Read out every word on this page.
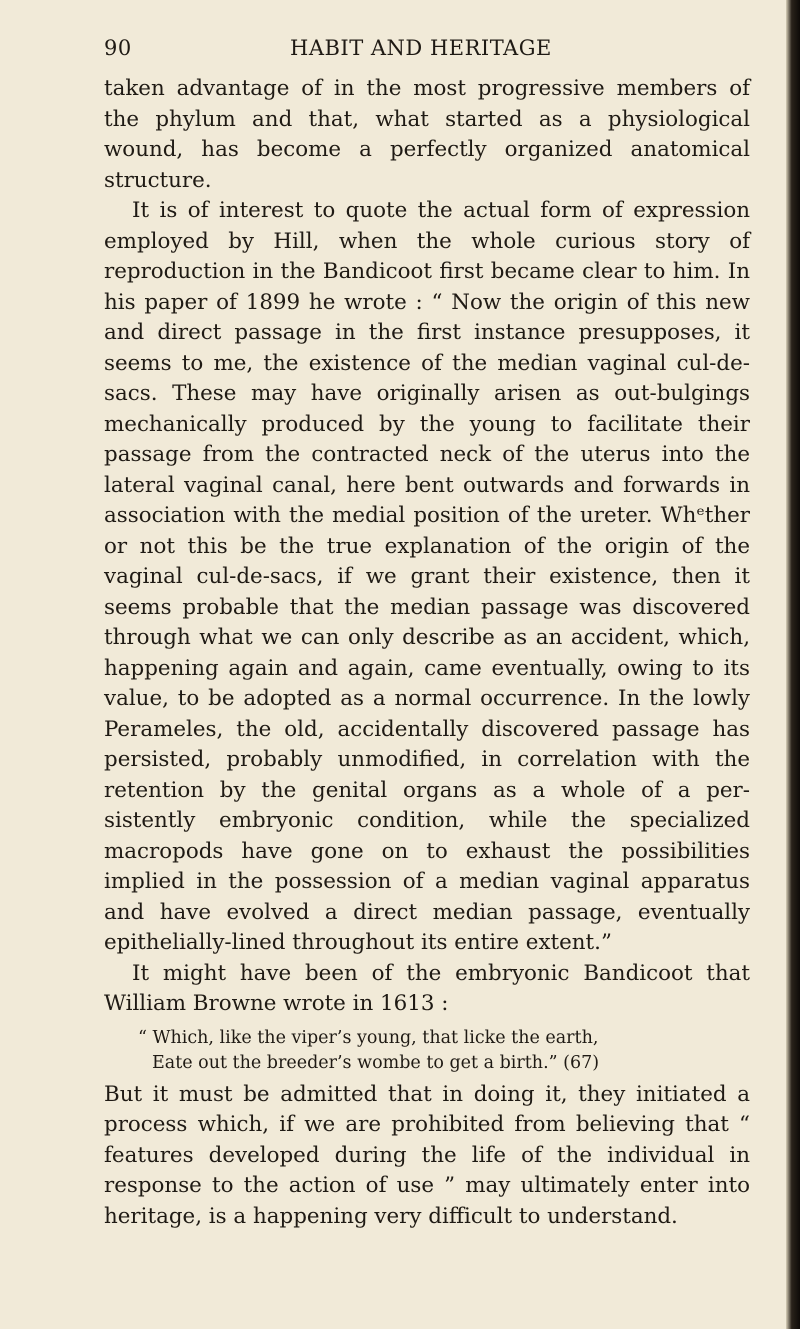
90	HABIT AND HERITAGE

taken advantage of in the most progressive members of the phylum and that, what started as a physiological wound, has become a perfectly organized anatomical structure.

It is of interest to quote the actual form of expression employed by Hill, when the whole curious story of reproduction in the Bandicoot first became clear to him. In his paper of 1899 he wrote : “ Now the origin of this new and direct passage in the first instance presupposes, it seems to me, the existence of the median vaginal cul-de-sacs. These may have originally arisen as out-bulgings mechanically produced by the young to facilitate their passage from the contracted neck of the uterus into the lateral vaginal canal, here bent outwards and forwards in association with the medial position of the ureter. Whᵉther or not this be the true explanation of the origin of the vaginal cul-de-sacs, if we grant their existence, then it seems probable that the median passage was discovered through what we can only describe as an accident, which, happening again and again, came eventually, owing to its value, to be adopted as a normal occurrence. In the lowly Perameles, the old, accidentally discovered passage has persisted, probably unmodified, in correlation with the retention by the genital organs as a whole of a per-sistently embryonic condition, while the specialized macropods have gone on to exhaust the possibilities implied in the possession of a median vaginal apparatus and have evolved a direct median passage, eventually epithelially-lined throughout its entire extent.”

It might have been of the embryonic Bandicoot that William Browne wrote in 1613 :

“ Which, like the viper’s young, that licke the earth,
Eate out the breeder’s wombe to get a birth.” (67)

But it must be admitted that in doing it, they initiated a process which, if we are prohibited from believing that “ features developed during the life of the individual in response to the action of use ” may ultimately enter into heritage, is a happening very difficult to understand.
